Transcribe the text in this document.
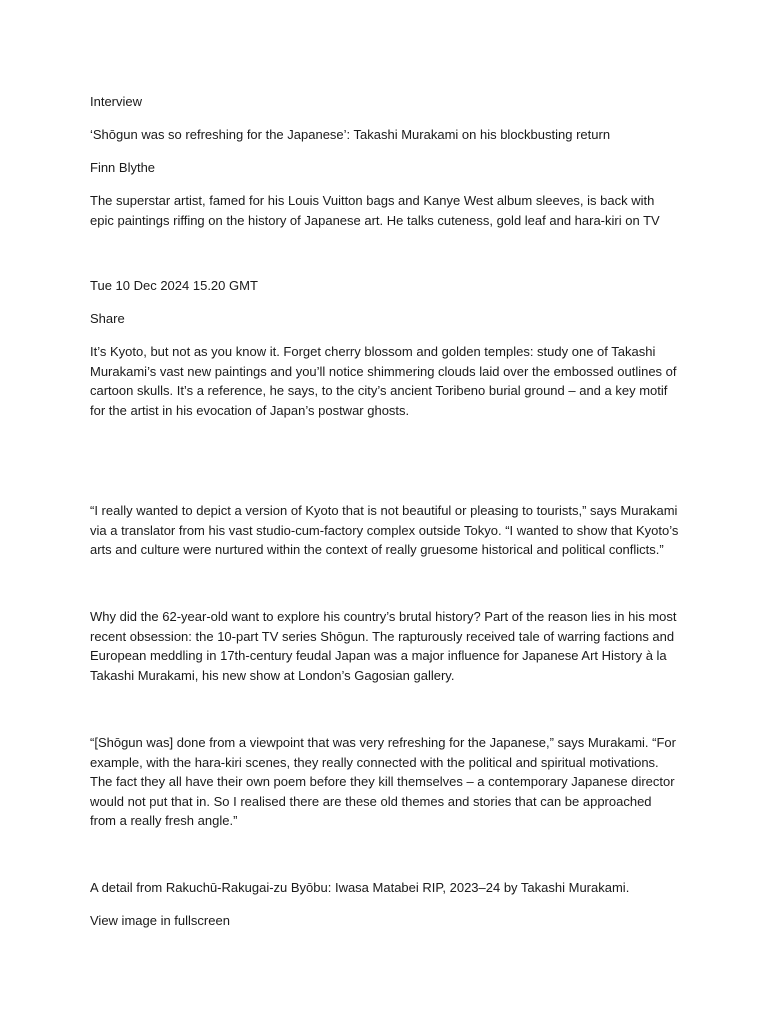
Interview

‘Shōgun was so refreshing for the Japanese’: Takashi Murakami on his blockbusting return

Finn Blythe

The superstar artist, famed for his Louis Vuitton bags and Kanye West album sleeves, is back with epic paintings riffing on the history of Japanese art. He talks cuteness, gold leaf and hara-kiri on TV

Tue 10 Dec 2024 15.20 GMT

Share

It’s Kyoto, but not as you know it. Forget cherry blossom and golden temples: study one of Takashi Murakami’s vast new paintings and you’ll notice shimmering clouds laid over the embossed outlines of cartoon skulls. It’s a reference, he says, to the city’s ancient Toribeno burial ground – and a key motif for the artist in his evocation of Japan’s postwar ghosts.

“I really wanted to depict a version of Kyoto that is not beautiful or pleasing to tourists,” says Murakami via a translator from his vast studio-cum-factory complex outside Tokyo. “I wanted to show that Kyoto’s arts and culture were nurtured within the context of really gruesome historical and political conflicts.”

Why did the 62-year-old want to explore his country’s brutal history? Part of the reason lies in his most recent obsession: the 10-part TV series Shōgun. The rapturously received tale of warring factions and European meddling in 17th-century feudal Japan was a major influence for Japanese Art History à la Takashi Murakami, his new show at London’s Gagosian gallery.

“[Shōgun was] done from a viewpoint that was very refreshing for the Japanese,” says Murakami. “For example, with the hara-kiri scenes, they really connected with the political and spiritual motivations. The fact they all have their own poem before they kill themselves – a contemporary Japanese director would not put that in. So I realised there are these old themes and stories that can be approached from a really fresh angle.”

A detail from Rakuchū-Rakugai-zu Byōbu: Iwasa Matabei RIP, 2023–24 by Takashi Murakami.

View image in fullscreen
